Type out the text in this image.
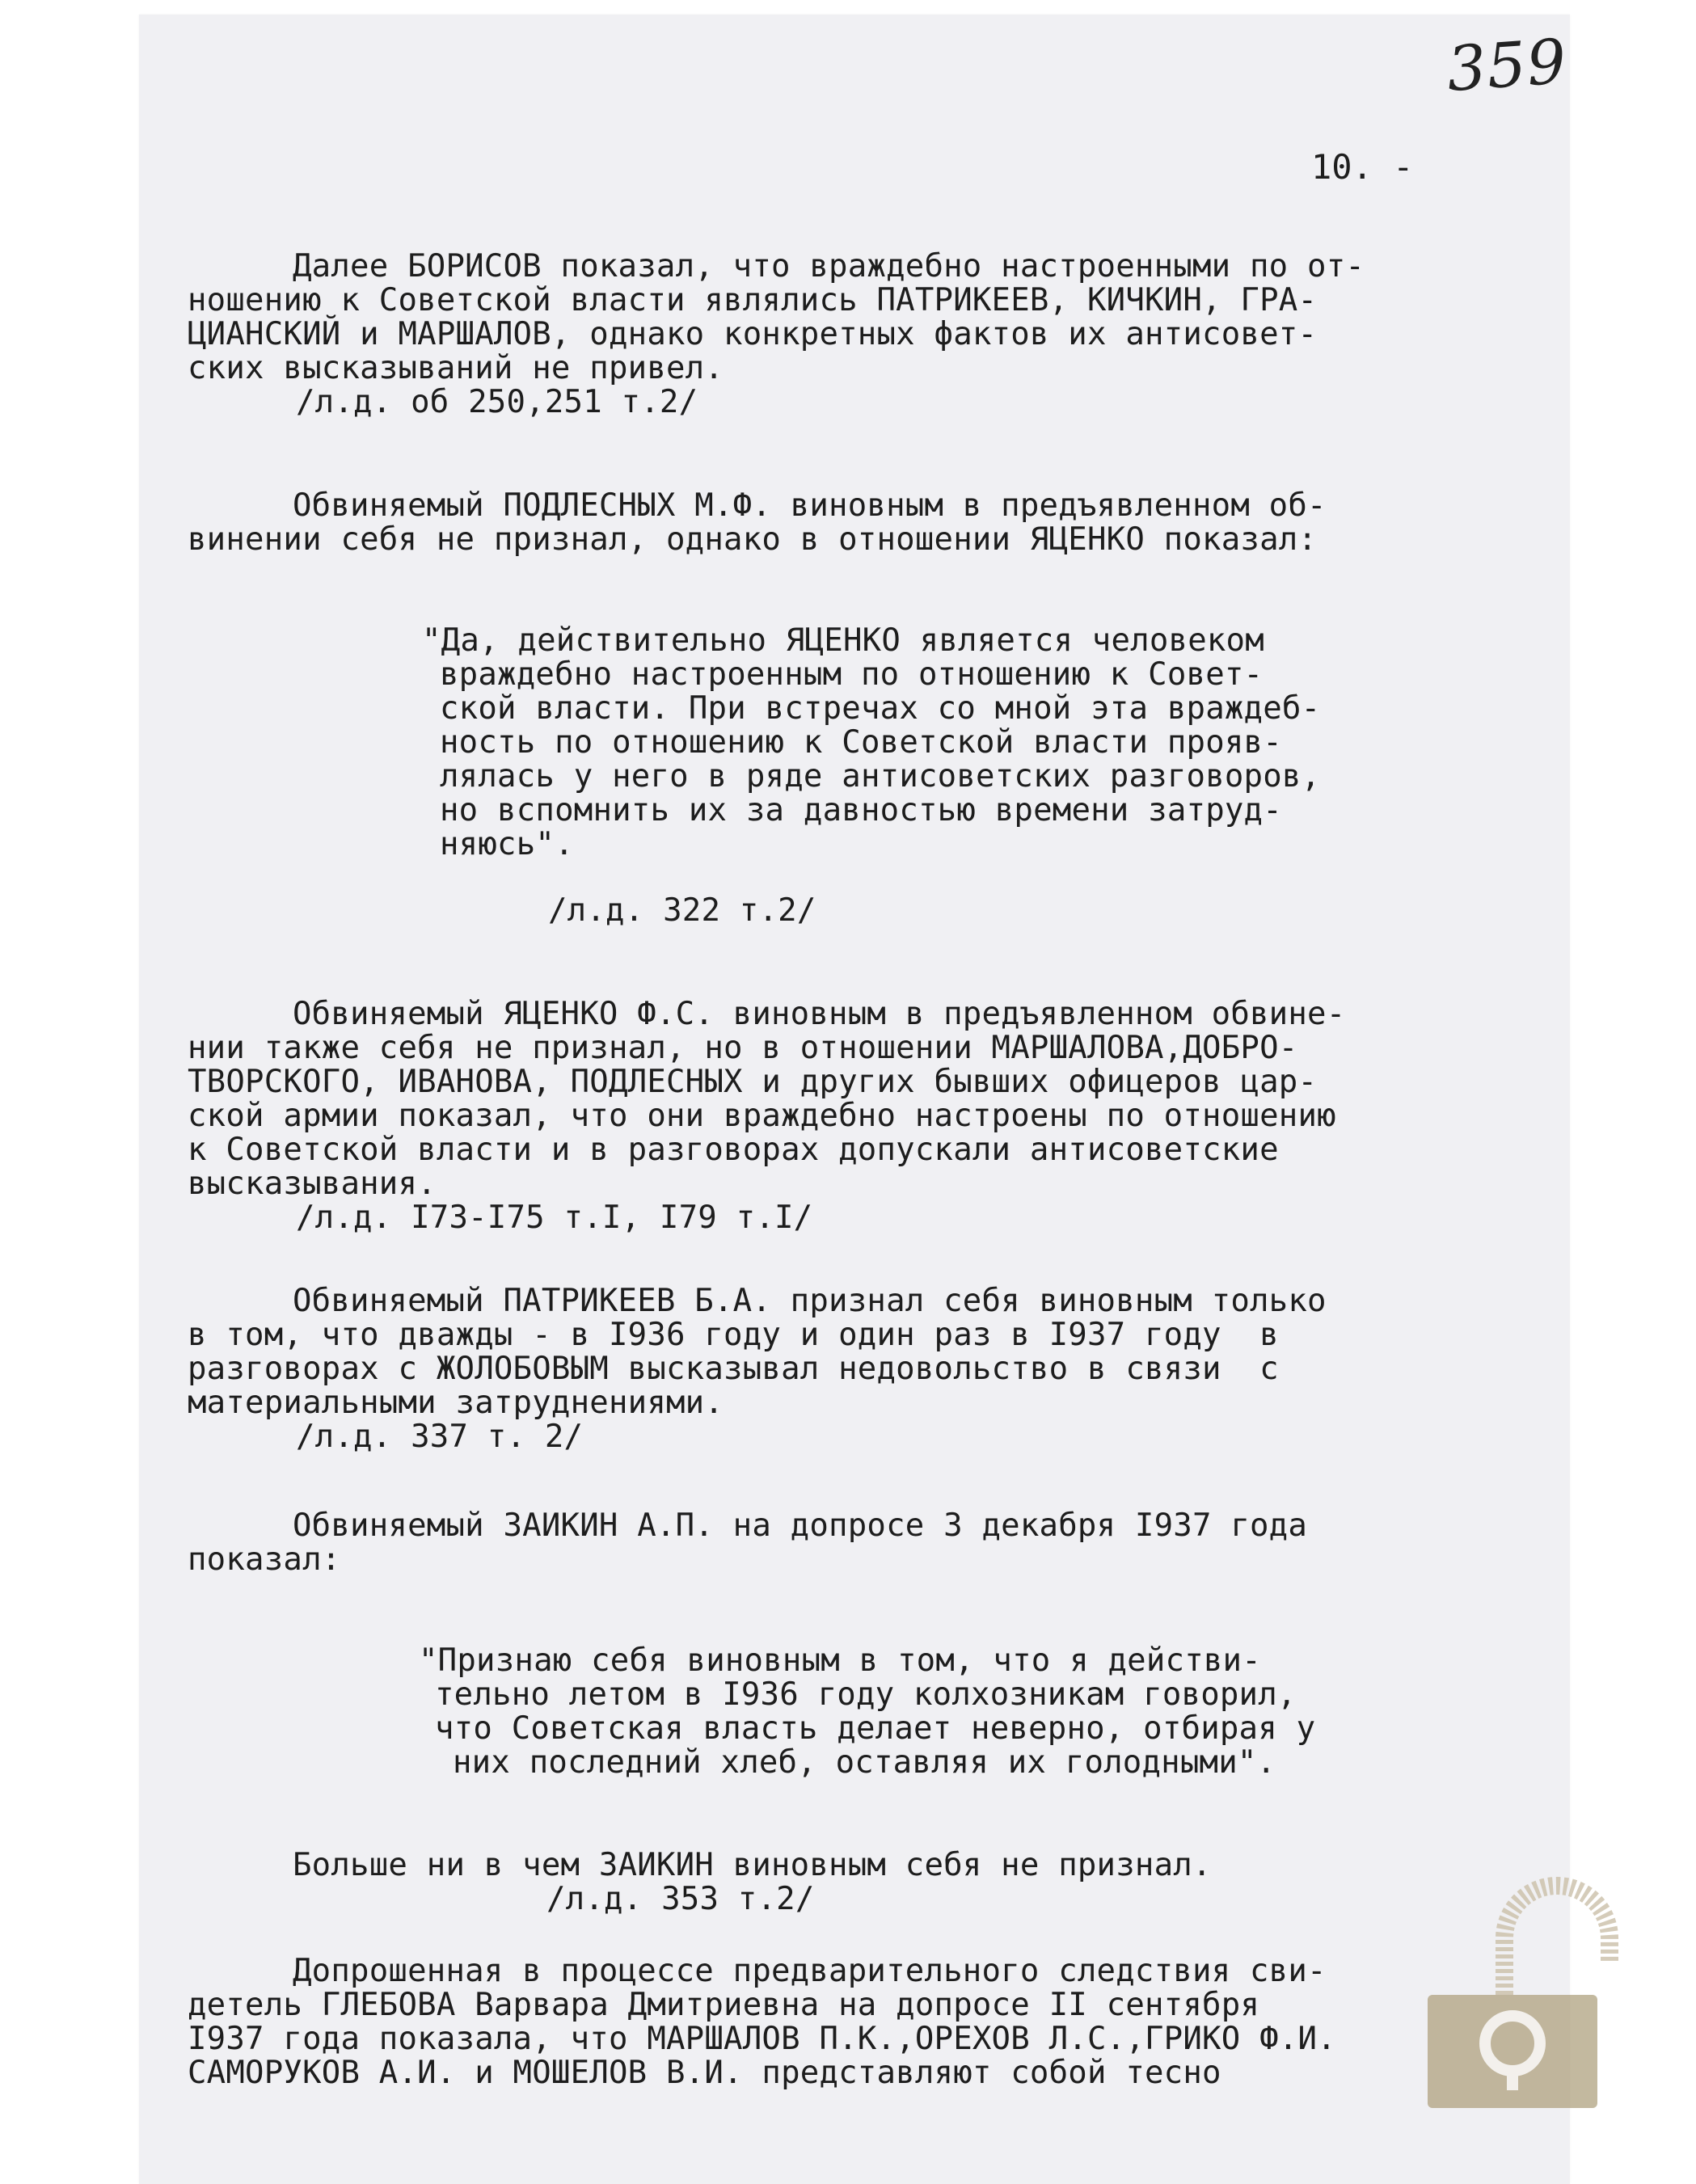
359
10. -
Далее БОРИСОВ показал, что враждебно настроенными по от-
ношению к Советской власти являлись ПАТРИКЕЕВ, КИЧКИН, ГРА-
ЦИАНСКИЙ и МАРШАЛОВ, однако конкретных фактов их антисовет-
ских высказываний не привел.
/л.д. об 250,251 т.2/
Обвиняемый ПОДЛЕСНЫХ М.Ф. виновным в предъявленном об-
винении себя не признал, однако в отношении ЯЦЕНКО показал:
"Да, действительно ЯЦЕНКО является человеком
враждебно настроенным по отношению к Совет-
ской власти. При встречах со мной эта враждеб-
ность по отношению к Советской власти прояв-
лялась у него в ряде антисоветских разговоров,
но вспомнить их за давностью времени затруд-
няюсь".
/л.д. 322 т.2/
Обвиняемый ЯЦЕНКО Ф.С. виновным в предъявленном обвине-
нии также себя не признал, но в отношении МАРШАЛОВА,ДОБРО-
ТВОРСКОГО, ИВАНОВА, ПОДЛЕСНЫХ и других бывших офицеров цар-
ской армии показал, что они враждебно настроены по отношению
к Советской власти и в разговорах допускали антисоветские
высказывания.
/л.д. I73-I75 т.I, I79 т.I/
Обвиняемый ПАТРИКЕЕВ Б.А. признал себя виновным только
в том, что дважды - в I936 году и один раз в I937 году  в
разговорах с ЖОЛОБОВЫМ высказывал недовольство в связи  с
материальными затруднениями.
/л.д. 337 т. 2/
Обвиняемый ЗАИКИН А.П. на допросе 3 декабря I937 года
показал:
"Признаю себя виновным в том, что я действи-
тельно летом в I936 году колхозникам говорил,
что Советская власть делает неверно, отбирая у
них последний хлеб, оставляя их голодными".
Больше ни в чем ЗАИКИН виновным себя не признал.
/л.д. 353 т.2/
Допрошенная в процессе предварительного следствия сви-
детель ГЛЕБОВА Варвара Дмитриевна на допросе II сентября
I937 года показала, что МАРШАЛОВ П.К.,ОРЕХОВ Л.С.,ГРИКО Ф.И.
САМОРУКОВ А.И. и МОШЕЛОВ В.И. представляют собой тесно
